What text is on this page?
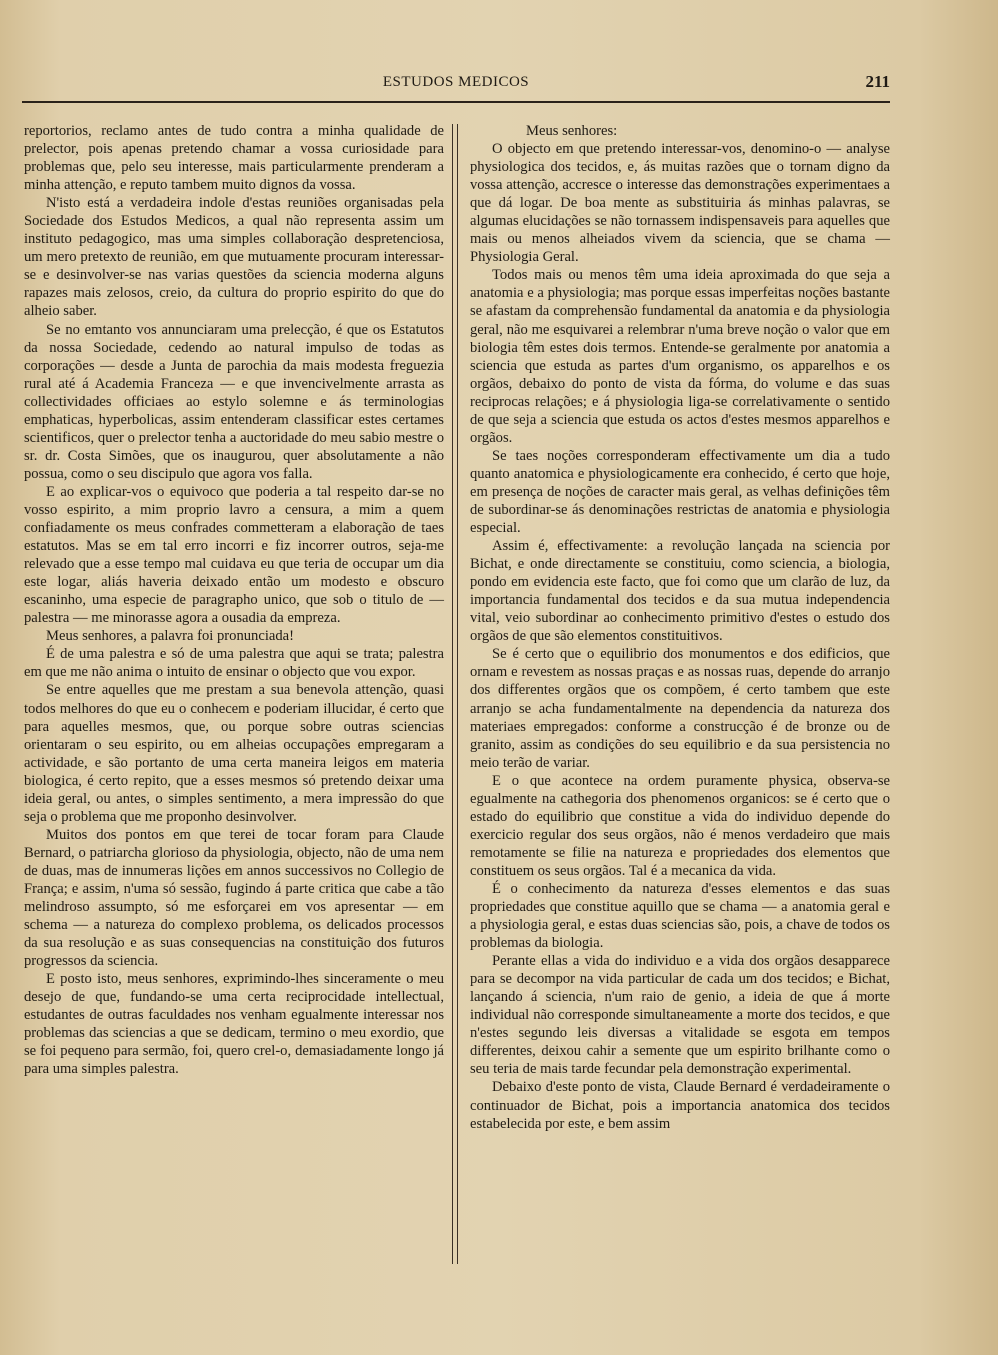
ESTUDOS MEDICOS	211

reportorios, reclamo antes de tudo contra a minha qualidade de prelector, pois apenas pretendo chamar a vossa curiosidade para problemas que, pelo seu interesse, mais particularmente prenderam a minha attenção, e reputo tambem muito dignos da vossa.

N'isto está a verdadeira indole d'estas reuniões organisadas pela Sociedade dos Estudos Medicos, a qual não representa assim um instituto pedagogico, mas uma simples collaboração despretenciosa, um mero pretexto de reunião, em que mutuamente procuram interessar-se e desinvolver-se nas varias questões da sciencia moderna alguns rapazes mais zelosos, creio, da cultura do proprio espirito do que do alheio saber.

Se no emtanto vos annunciaram uma prelecção, é que os Estatutos da nossa Sociedade, cedendo ao natural impulso de todas as corporações — desde a Junta de parochia da mais modesta freguezia rural até á Academia Franceza — e que invencivelmente arrasta as collectividades officiaes ao estylo solemne e ás terminologias emphaticas, hyperbolicas, assim entenderam classificar estes certames scientificos, quer o prelector tenha a auctoridade do meu sabio mestre o sr. dr. Costa Simões, que os inaugurou, quer absolutamente a não possua, como o seu discipulo que agora vos falla.

E ao explicar-vos o equivoco que poderia a tal respeito dar-se no vosso espirito, a mim proprio lavro a censura, a mim a quem confiadamente os meus confrades commetteram a elaboração de taes estatutos. Mas se em tal erro incorri e fiz incorrer outros, seja-me relevado que a esse tempo mal cuidava eu que teria de occupar um dia este logar, aliás haveria deixado então um modesto e obscuro escaninho, uma especie de paragrapho unico, que sob o titulo de — palestra — me minorasse agora a ousadia da empreza.

Meus senhores, a palavra foi pronunciada!

É de uma palestra e só de uma palestra que aqui se trata; palestra em que me não anima o intuito de ensinar o objecto que vou expor.

Se entre aquelles que me prestam a sua benevola attenção, quasi todos melhores do que eu o conhecem e poderiam illucidar, é certo que para aquelles mesmos, que, ou porque sobre outras sciencias orientaram o seu espirito, ou em alheias occupações empregaram a actividade, e são portanto de uma certa maneira leigos em materia biologica, é certo repito, que a esses mesmos só pretendo deixar uma ideia geral, ou antes, o simples sentimento, a mera impressão do que seja o problema que me proponho desinvolver.

Muitos dos pontos em que terei de tocar foram para Claude Bernard, o patriarcha glorioso da physiologia, objecto, não de uma nem de duas, mas de innumeras lições em annos successivos no Collegio de França; e assim, n'uma só sessão, fugindo á parte critica que cabe a tão melindroso assumpto, só me esforçarei em vos apresentar — em schema — a natureza do complexo problema, os delicados processos da sua resolução e as suas consequencias na constituição dos futuros progressos da sciencia.

E posto isto, meus senhores, exprimindo-lhes sinceramente o meu desejo de que, fundando-se uma certa reciprocidade intellectual, estudantes de outras faculdades nos venham egualmente interessar nos problemas das sciencias a que se dedicam, termino o meu exordio, que se foi pequeno para sermão, foi, quero crel-o, demasiadamente longo já para uma simples palestra.

Meus senhores:

O objecto em que pretendo interessar-vos, denomino-o — analyse physiologica dos tecidos, e, ás muitas razões que o tornam digno da vossa attenção, accresce o interesse das demonstrações experimentaes a que dá logar. De boa mente as substituiria ás minhas palavras, se algumas elucidações se não tornassem indispensaveis para aquelles que mais ou menos alheiados vivem da sciencia, que se chama — Physiologia Geral.

Todos mais ou menos têm uma ideia aproximada do que seja a anatomia e a physiologia; mas porque essas imperfeitas noções bastante se afastam da comprehensão fundamental da anatomia e da physiologia geral, não me esquivarei a relembrar n'uma breve noção o valor que em biologia têm estes dois termos. Entende-se geralmente por anatomia a sciencia que estuda as partes d'um organismo, os apparelhos e os orgãos, debaixo do ponto de vista da fórma, do volume e das suas reciprocas relações; e á physiologia liga-se correlativamente o sentido de que seja a sciencia que estuda os actos d'estes mesmos apparelhos e orgãos.

Se taes noções corresponderam effectivamente um dia a tudo quanto anatomica e physiologicamente era conhecido, é certo que hoje, em presença de noções de caracter mais geral, as velhas definições têm de subordinar-se ás denominações restrictas de anatomia e physiologia especial.

Assim é, effectivamente: a revolução lançada na sciencia por Bichat, e onde directamente se constituiu, como sciencia, a biologia, pondo em evidencia este facto, que foi como que um clarão de luz, da importancia fundamental dos tecidos e da sua mutua independencia vital, veio subordinar ao conhecimento primitivo d'estes o estudo dos orgãos de que são elementos constituitivos.

Se é certo que o equilibrio dos monumentos e dos edificios, que ornam e revestem as nossas praças e as nossas ruas, depende do arranjo dos differentes orgãos que os compõem, é certo tambem que este arranjo se acha fundamentalmente na dependencia da natureza dos materiaes empregados: conforme a construcção é de bronze ou de granito, assim as condições do seu equilibrio e da sua persistencia no meio terão de variar.

E o que acontece na ordem puramente physica, observa-se egualmente na cathegoria dos phenomenos organicos: se é certo que o estado do equilibrio que constitue a vida do individuo depende do exercicio regular dos seus orgãos, não é menos verdadeiro que mais remotamente se filie na natureza e propriedades dos elementos que constituem os seus orgãos. Tal é a mecanica da vida.

É o conhecimento da natureza d'esses elementos e das suas propriedades que constitue aquillo que se chama — a anatomia geral e a physiologia geral, e estas duas sciencias são, pois, a chave de todos os problemas da biologia.

Perante ellas a vida do individuo e a vida dos orgãos desapparece para se decompor na vida particular de cada um dos tecidos; e Bichat, lançando á sciencia, n'um raio de genio, a ideia de que á morte individual não corresponde simultaneamente a morte dos tecidos, e que n'estes segundo leis diversas a vitalidade se esgota em tempos differentes, deixou cahir a semente que um espirito brilhante como o seu teria de mais tarde fecundar pela demonstração experimental.

Debaixo d'este ponto de vista, Claude Bernard é verdadeiramente o continuador de Bichat, pois a importancia anatomica dos tecidos estabelecida por este, e bem assim
